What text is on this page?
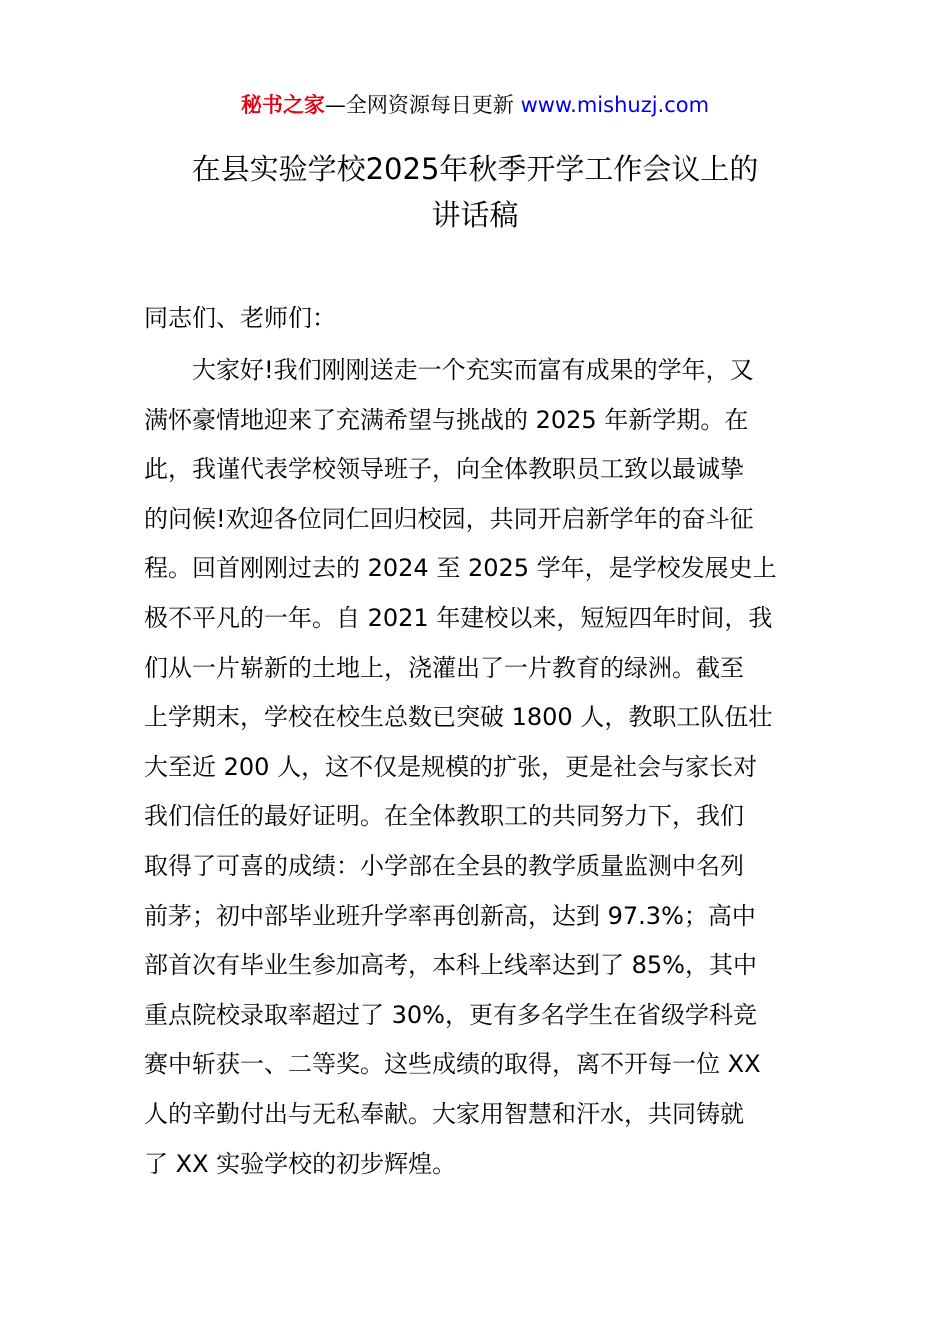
秘书之家—全网资源每日更新 www.mishuzj.com
在县实验学校2025年秋季开学工作会议上的
讲话稿
同志们、老师们：
大家好!我们刚刚送走一个充实而富有成果的学年，又
满怀豪情地迎来了充满希望与挑战的 2025 年新学期。在
此，我谨代表学校领导班子，向全体教职员工致以最诚挚
的问候!欢迎各位同仁回归校园，共同开启新学年的奋斗征
程。回首刚刚过去的 2024 至 2025 学年，是学校发展史上
极不平凡的一年。自 2021 年建校以来，短短四年时间，我
们从一片崭新的土地上，浇灌出了一片教育的绿洲。截至
上学期末，学校在校生总数已突破 1800 人，教职工队伍壮
大至近 200 人，这不仅是规模的扩张，更是社会与家长对
我们信任的最好证明。在全体教职工的共同努力下，我们
取得了可喜的成绩：小学部在全县的教学质量监测中名列
前茅；初中部毕业班升学率再创新高，达到 97.3%；高中
部首次有毕业生参加高考，本科上线率达到了 85%，其中
重点院校录取率超过了 30%，更有多名学生在省级学科竞
赛中斩获一、二等奖。这些成绩的取得，离不开每一位 XX
人的辛勤付出与无私奉献。大家用智慧和汗水，共同铸就
了 XX 实验学校的初步辉煌。
